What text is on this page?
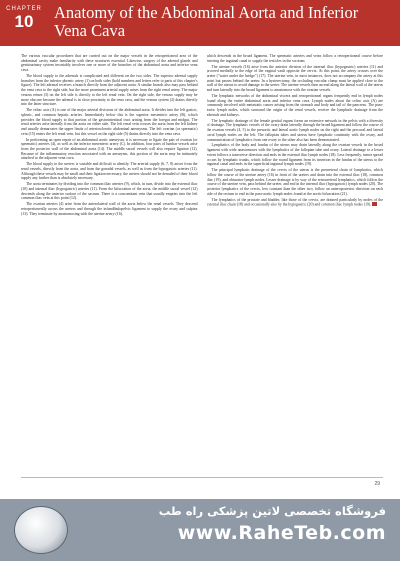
CHAPTER
10	Anatomy of the Abdominal Aorta and Inferior Vena Cava

The various vascular procedures that are carried out on the major vessels in the retroperitoneal area of the abdominal cavity make familiarity with these structures essential. Likewise, surgery of the adrenal glands and genitourinary system invariably involves one or more of the branches of the abdominal aorta and inferior vena cava.

The blood supply to the adrenals is complicated and different on the two sides. The superior adrenal supply branches from the inferior phrenic artery (1) on both sides (bold numbers and letters refer to parts of this chapter's figure). The left adrenal receives a branch directly from the adjacent aorta. A similar branch also may pass behind the vena cava to the right side, but the more prominent arterial supply arises from the right renal artery. The major venous return (3) on the left side is directly to the left renal vein. On the right side, the venous supply may be more obscure because the adrenal is in close proximity to the vena cava, and the venous system (2) drains directly into the latter structure.

The celiac axis (A) is one of the major arterial divisions of the abdominal aorta. It divides into the left gastric, splenic, and common hepatic arteries. Immediately below this is the superior mesenteric artery (B), which provides the blood supply to that portion of the gastrointestinal tract arising from the foregut and midgut. The renal arteries arise laterally from the aorta on either side. The left renal vein crosses the aorta from the left kidney and usually demarcates the upper limits of arteriosclerotic abdominal aneurysms. The left ovarian (or spermatic) vein (15) enters the left renal vein, but this vessel on the right side (5) drains directly into the vena cava.

In performing an open repair of an abdominal aortic aneurysm, it is necessary to ligate the pair of ovarian (or spermatic) arteries (4), as well as the inferior mesenteric artery (C). In addition, four pairs of lumbar vessels arise from the posterior wall of the abdominal aorta (14). The middle sacral vessels will also require ligation (12). Because of the inflammatory reaction associated with an aneurysm, this portion of the aorta may be intimately attached to the adjacent vena cava.

The blood supply to the ureters is variable and difficult to identify. The arterial supply (6, 7, 8) arises from the renal vessels, directly from the aorta, and from the gonadal vessels, as well as from the hypogastric arteries (11). Although these vessels may be small and their ligation necessary, the ureters should not be denuded of their blood supply any further than is absolutely necessary.

The aorta terminates by dividing into the common iliac arteries (9), which, in turn, divide into the external iliac (10) and internal iliac (hypogastric) arteries (11). From the bifurcation of the aorta, the middle sacral vessel (12) descends along the anterior surface of the sacrum. There is a concomitant vein that usually empties into the left common iliac vein at this point (12).

The ovarian arteries (4) arise from the anterolateral wall of the aorta below the renal vessels. They descend retroperitoneally across the ureters and through the infundibulopelvic ligament to supply the ovary and salpinx (13). They terminate by anastomosing with the uterine artery (16),

which descends in the broad ligament. The spermatic arteries and veins follow a retroperitoneal course before entering the inguinal canal to supply the testicles in the scrotum.

The uterine vessels (16) arise from the anterior division of the internal iliac (hypogastric) arteries (11) and proceed medially to the edge of the vaginal vault opposite the cervix. At this point, the artery crosses over the ureter ("water under the bridge") (17). The uterine vein, in most instances, does not accompany the artery at this point but passes behind the ureter. In a hysterectomy, the occluding vascular clamp must be applied close to the wall of the uterus to avoid damage to the ureter. The uterine vessels then ascend along the lateral wall of the uterus and turn laterally into the broad ligament to anastomose with the ovarian vessels.

The lymphatic networks of the abdominal viscera and retroperitoneal organs frequently end in lymph nodes found along the entire abdominal aorta and inferior vena cava. Lymph nodes about the celiac axis (A) are commonly involved with metastatic cancer arising from the stomach and body and tail of the pancreas. The para-aortic lymph nodes, which surround the origin of the renal vessels, receive the lymphatic drainage from the adrenals and kidneys.

The lymphatic drainage of the female genital organs forms an extensive network in the pelvis with a diversity of drainage. The lymphatic vessels of the ovary drain laterally through the broad ligament and follow the course of the ovarian vessels (4, 5) to the preaortic and lateral aortic lymph nodes on the right and the precaval and lateral caval lymph nodes on the left. The fallopian tubes and uterus have lymphatic continuity with the ovary, and communication of lymphatics from one ovary to the other also has been demonstrated.

Lymphatics of the body and fundus of the uterus may drain laterally along the ovarian vessels in the broad ligament with wide anastomoses with the lymphatics of the fallopian tube and ovary. Lateral drainage to a lesser extent follows a transverse direction and ends in the external iliac lymph nodes (18). Less frequently, tumor spread occurs by lymphatic trunks, which follow the round ligament from its insertion in the fundus of the uterus to the inguinal canal and ends in the superficial inguinal lymph nodes (19).

The principal lymphatic drainage of the cervix of the uterus is the preureteral chain of lymphatics, which follow the course of the uterine artery (16) in front of the ureters and drain into the external iliac (18), common iliac (19), and obturator lymph nodes. Lesser drainage is by way of the retroureteral lymphatics, which follow the course of the uterine vein, pass behind the ureter, and end in the internal iliac (hypogastric) lymph nodes (20). The posterior lymphatics of the cervix, less constant than the other two, follow an anteroposterior direction on each side of the rectum to end in the para-aortic lymph nodes found at the aortic bifurcation (21).

The lymphatics of the prostate and bladder, like those of the cervix, are drained particularly by nodes of the external iliac chain (18) and occasionally also by the hypogastric (20) and common iliac lymph nodes (19).

29
فروشگاه تخصصی لاتین پزشکی راه طب
www.RaheTeb.com
